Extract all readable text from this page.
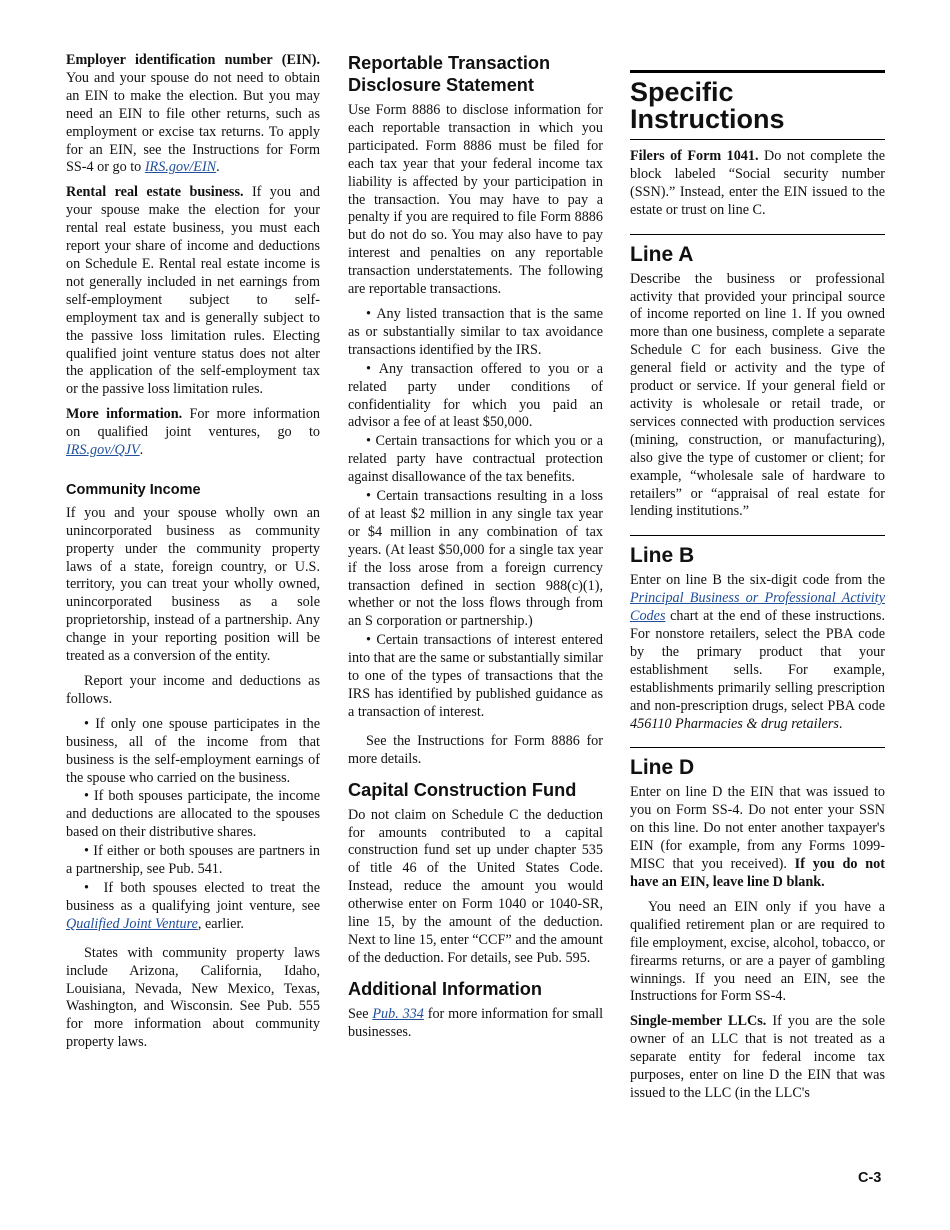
Employer identification number (EIN). You and your spouse do not need to obtain an EIN to make the election. But you may need an EIN to file other returns, such as employment or excise tax returns. To apply for an EIN, see the Instructions for Form SS-4 or go to IRS.gov/EIN.

Rental real estate business. If you and your spouse make the election for your rental real estate business, you must each report your share of income and deductions on Schedule E. Rental real estate income is not generally included in net earnings from self-employment subject to self-employment tax and is generally subject to the passive loss limitation rules. Electing qualified joint venture status does not alter the application of the self-employment tax or the passive loss limitation rules.

More information. For more information on qualified joint ventures, go to IRS.gov/QJV.

Community Income

If you and your spouse wholly own an unincorporated business as community property under the community property laws of a state, foreign country, or U.S. territory, you can treat your wholly owned, unincorporated business as a sole proprietorship, instead of a partnership. Any change in your reporting position will be treated as a conversion of the entity.

Report your income and deductions as follows.

• If only one spouse participates in the business, all of the income from that business is the self-employment earnings of the spouse who carried on the business.

• If both spouses participate, the income and deductions are allocated to the spouses based on their distributive shares.

• If either or both spouses are partners in a partnership, see Pub. 541.

• If both spouses elected to treat the business as a qualifying joint venture, see Qualified Joint Venture, earlier.

States with community property laws include Arizona, California, Idaho, Louisiana, Nevada, New Mexico, Texas, Washington, and Wisconsin. See Pub. 555 for more information about community property laws.

Reportable Transaction Disclosure Statement

Use Form 8886 to disclose information for each reportable transaction in which you participated. Form 8886 must be filed for each tax year that your federal income tax liability is affected by your participation in the transaction. You may have to pay a penalty if you are required to file Form 8886 but do not do so. You may also have to pay interest and penalties on any reportable transaction understatements. The following are reportable transactions.

• Any listed transaction that is the same as or substantially similar to tax avoidance transactions identified by the IRS.

• Any transaction offered to you or a related party under conditions of confidentiality for which you paid an advisor a fee of at least $50,000.

• Certain transactions for which you or a related party have contractual protection against disallowance of the tax benefits.

• Certain transactions resulting in a loss of at least $2 million in any single tax year or $4 million in any combination of tax years. (At least $50,000 for a single tax year if the loss arose from a foreign currency transaction defined in section 988(c)(1), whether or not the loss flows through from an S corporation or partnership.)

• Certain transactions of interest entered into that are the same or substantially similar to one of the types of transactions that the IRS has identified by published guidance as a transaction of interest.

See the Instructions for Form 8886 for more details.

Capital Construction Fund

Do not claim on Schedule C the deduction for amounts contributed to a capital construction fund set up under chapter 535 of title 46 of the United States Code. Instead, reduce the amount you would otherwise enter on Form 1040 or 1040-SR, line 15, by the amount of the deduction. Next to line 15, enter “CCF” and the amount of the deduction. For details, see Pub. 595.

Additional Information

See Pub. 334 for more information for small businesses.

Specific Instructions

Filers of Form 1041. Do not complete the block labeled “Social security number (SSN).” Instead, enter the EIN issued to the estate or trust on line C.

Line A

Describe the business or professional activity that provided your principal source of income reported on line 1. If you owned more than one business, complete a separate Schedule C for each business. Give the general field or activity and the type of product or service. If your general field or activity is wholesale or retail trade, or services connected with production services (mining, construction, or manufacturing), also give the type of customer or client; for example, “wholesale sale of hardware to retailers” or “appraisal of real estate for lending institutions.”

Line B

Enter on line B the six-digit code from the Principal Business or Professional Activity Codes chart at the end of these instructions. For nonstore retailers, select the PBA code by the primary product that your establishment sells. For example, establishments primarily selling prescription and non-prescription drugs, select PBA code 456110 Pharmacies & drug retailers.

Line D

Enter on line D the EIN that was issued to you on Form SS-4. Do not enter your SSN on this line. Do not enter another taxpayer's EIN (for example, from any Forms 1099-MISC that you received). If you do not have an EIN, leave line D blank.

You need an EIN only if you have a qualified retirement plan or are required to file employment, excise, alcohol, tobacco, or firearms returns, or are a payer of gambling winnings. If you need an EIN, see the Instructions for Form SS-4.

Single-member LLCs. If you are the sole owner of an LLC that is not treated as a separate entity for federal income tax purposes, enter on line D the EIN that was issued to the LLC (in the LLC's

C-3
